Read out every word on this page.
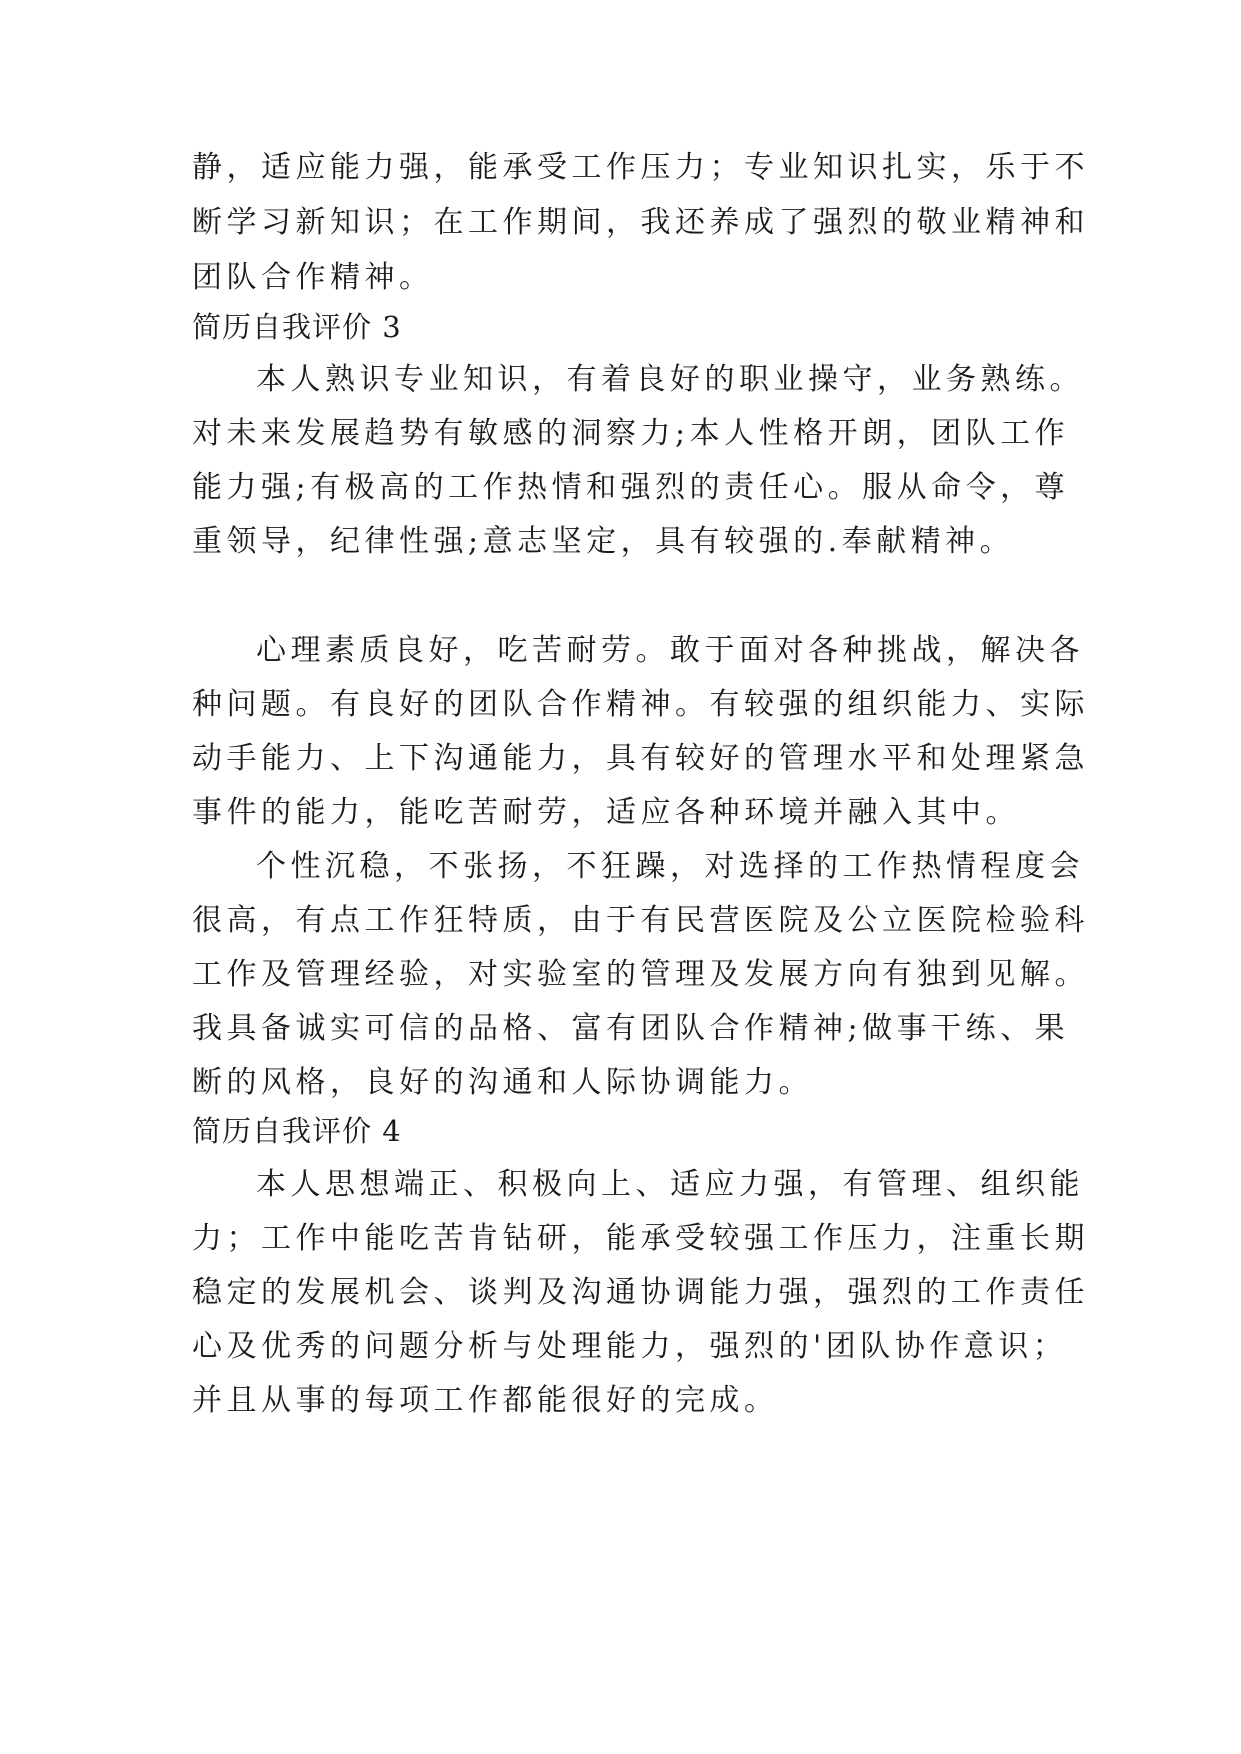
静，适应能力强，能承受工作压力；专业知识扎实，乐于不
断学习新知识；在工作期间，我还养成了强烈的敬业精神和
团队合作精神。
简历自我评价 3
本人熟识专业知识，有着良好的职业操守，业务熟练。
对未来发展趋势有敏感的洞察力;本人性格开朗，团队工作
能力强;有极高的工作热情和强烈的责任心。服从命令，尊
重领导，纪律性强;意志坚定，具有较强的.奉献精神。
心理素质良好，吃苦耐劳。敢于面对各种挑战，解决各
种问题。有良好的团队合作精神。有较强的组织能力、实际
动手能力、上下沟通能力，具有较好的管理水平和处理紧急
事件的能力，能吃苦耐劳，适应各种环境并融入其中。
个性沉稳，不张扬，不狂躁，对选择的工作热情程度会
很高，有点工作狂特质，由于有民营医院及公立医院检验科
工作及管理经验，对实验室的管理及发展方向有独到见解。
我具备诚实可信的品格、富有团队合作精神;做事干练、果
断的风格，良好的沟通和人际协调能力。
简历自我评价 4
本人思想端正、积极向上、适应力强，有管理、组织能
力；工作中能吃苦肯钻研，能承受较强工作压力，注重长期
稳定的发展机会、谈判及沟通协调能力强，强烈的工作责任
心及优秀的问题分析与处理能力，强烈的'团队协作意识；
并且从事的每项工作都能很好的完成。
